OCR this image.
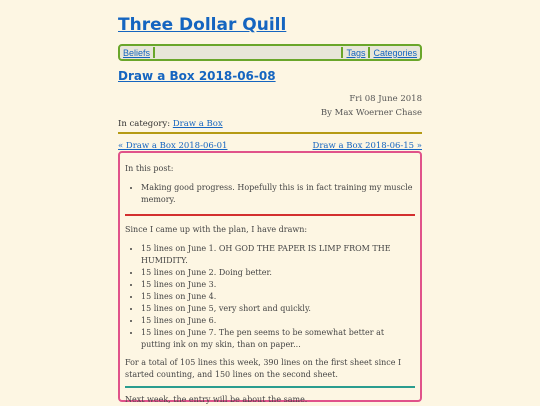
Three Dollar Quill
Beliefs	Tags Categories
Draw a Box 2018-06-08
Fri 08 June 2018
By Max Woerner Chase
In category: Draw a Box
« Draw a Box 2018-06-01	Draw a Box 2018-06-15 »

In this post:

• Making good progress. Hopefully this is in fact training my muscle memory.

Since I came up with the plan, I have drawn:

• 15 lines on June 1. OH GOD THE PAPER IS LIMP FROM THE HUMIDITY.
• 15 lines on June 2. Doing better.
• 15 lines on June 3.
• 15 lines on June 4.
• 15 lines on June 5, very short and quickly.
• 15 lines on June 6.
• 15 lines on June 7. The pen seems to be somewhat better at putting ink on my skin, than on paper...

For a total of 105 lines this week, 390 lines on the first sheet since I started counting, and 150 lines on the second sheet.

Next week, the entry will be about the same.
